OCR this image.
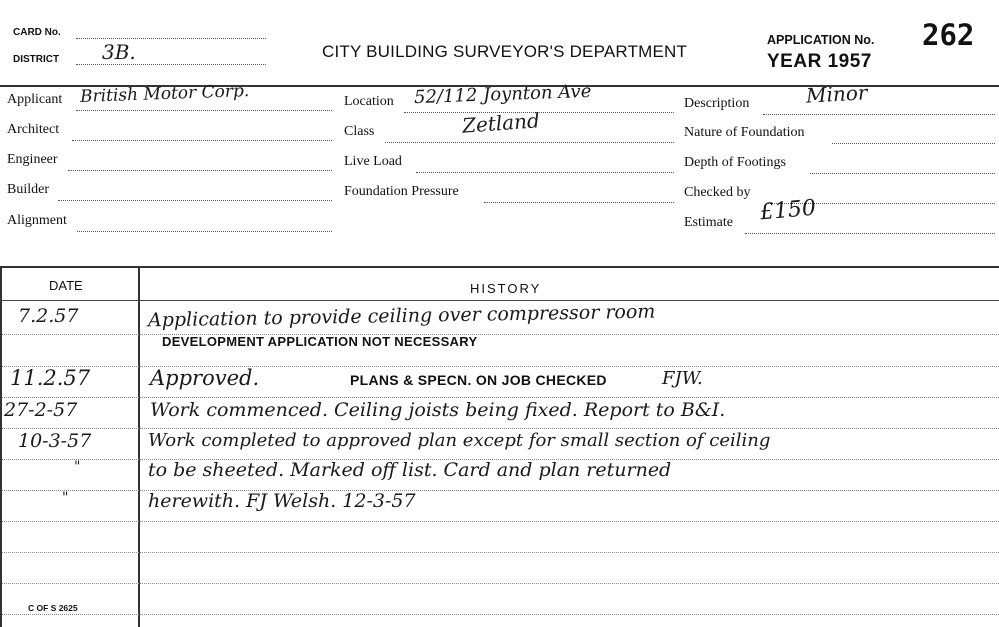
CARD No.
DISTRICT 3B.	CITY BUILDING SURVEYOR'S DEPARTMENT
APPLICATION No. 262
YEAR 1957
Applicant British Motor Corp.
Architect
Engineer
Builder
Alignment
Location 52/112 Joynton Ave
Class	Zetland
Live Load
Foundation Pressure
Description	Minor
Nature of Foundation
Depth of Footings
Checked by
Estimate £150
DATE	HISTORY
7.2.57	Application to provide ceiling over compressor room
DEVELOPMENT APPLICATION NOT NECESSARY
11.2.57	Approved.	PLANS & SPECN. ON JOB CHECKED	FJW.
27-2-57	Work commenced. Ceiling joists being fixed. Report to B&I.
10-3-57	Work completed to approved plan except for small section of ceiling
"	to be sheeted. Marked off list. Card and plan returned
"	herewith. FJ Welsh. 12-3-57
C OF S 2625
